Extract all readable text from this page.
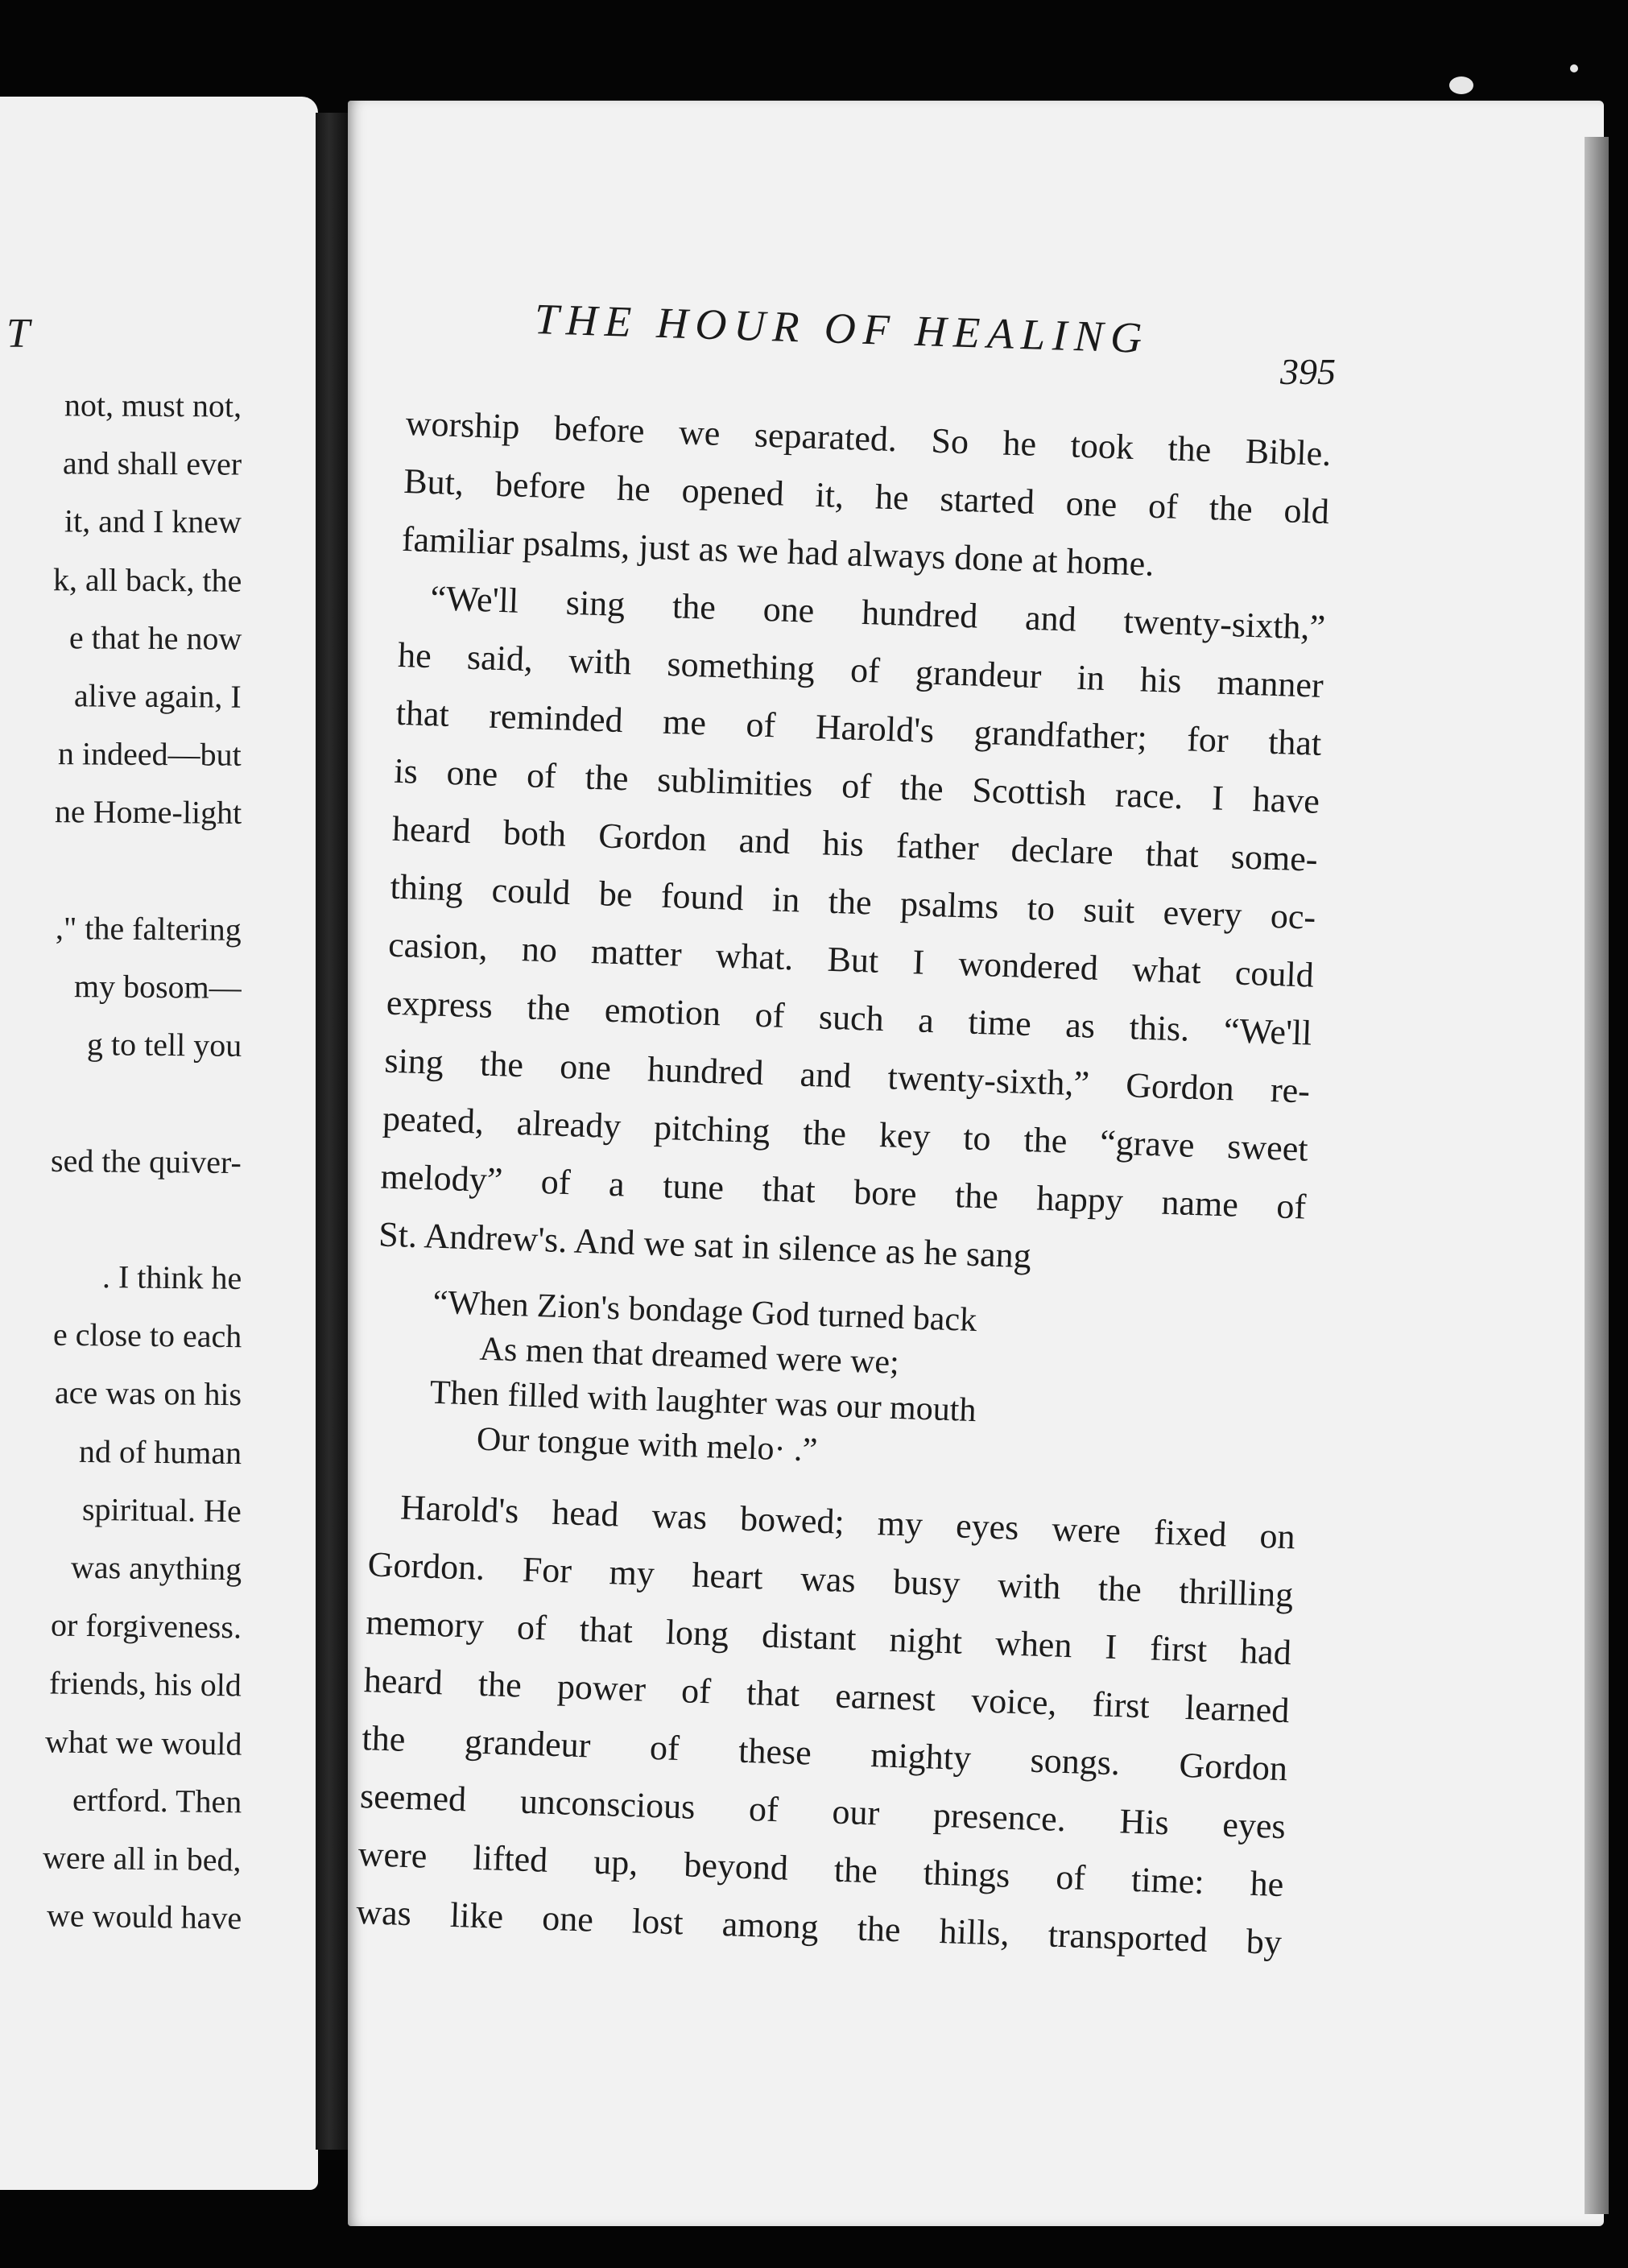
T
not, must not,
and shall ever
it, and I knew
k, all back, the
e that he now
alive again, I
n indeed—but
ne Home-light
," the faltering
my bosom—
g to tell you
sed the quiver-
. I think he
e close to each
ace was on his
nd of human
spiritual. He
was anything
or forgiveness.
friends, his old
what we would
ertford. Then
were all in bed,
we would have
THE HOUR OF HEALING
395
worship before we separated. So he took the Bible.
But, before he opened it, he started one of the old
familiar psalms, just as we had always done at home.
“We'll sing the one hundred and twenty-sixth,”
he said, with something of grandeur in his manner
that reminded me of Harold's grandfather; for that
is one of the sublimities of the Scottish race. I have
heard both Gordon and his father declare that some-
thing could be found in the psalms to suit every oc-
casion, no matter what. But I wondered what could
express the emotion of such a time as this. “We'll
sing the one hundred and twenty-sixth,” Gordon re-
peated, already pitching the key to the “grave sweet
melody” of a tune that bore the happy name of
St. Andrew's. And we sat in silence as he sang
“When Zion's bondage God turned back
As men that dreamed were we;
Then filled with laughter was our mouth
Our tongue with melo· .”
Harold's head was bowed; my eyes were fixed on
Gordon. For my heart was busy with the thrilling
memory of that long distant night when I first had
heard the power of that earnest voice, first learned
the grandeur of these mighty songs. Gordon
seemed unconscious of our presence. His eyes
were lifted up, beyond the things of time: he
was like one lost among the hills, transported by
